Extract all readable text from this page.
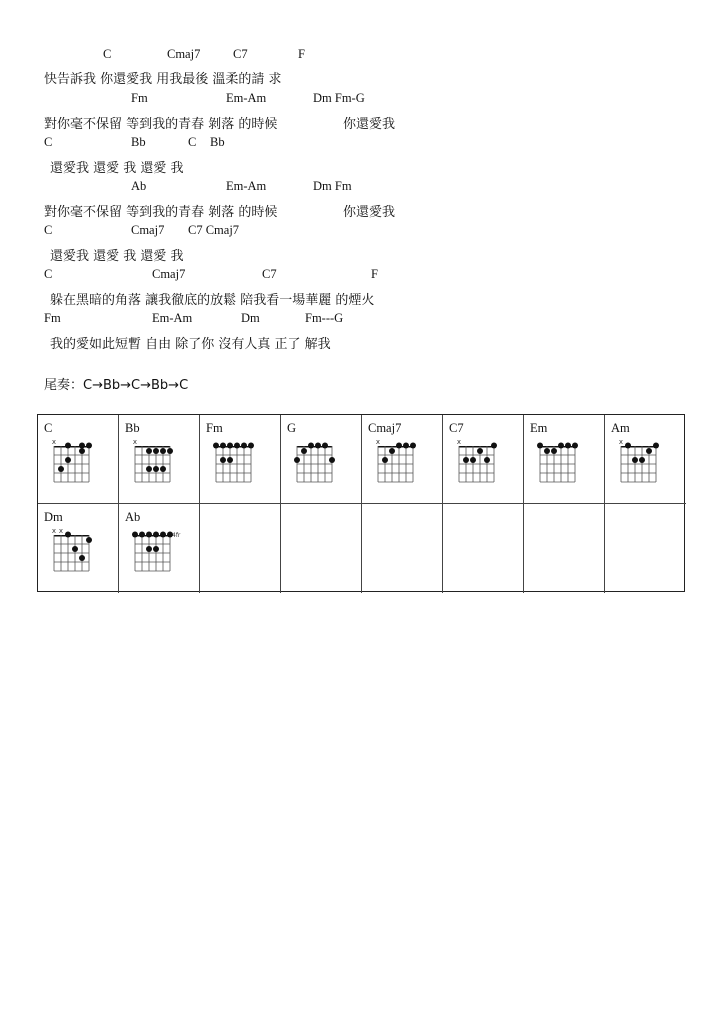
C	Cmaj7	C7	F
快告訴我 你還愛我 用我最後 溫柔的請 求
Fm	Em-Am	Dm Fm-G
對你毫不保留 等到我的青春 剝落 的時候	你還愛我
C	Bb	C Bb
還愛我 還愛 我 還愛 我
Ab	Em-Am	Dm Fm
對你毫不保留 等到我的青春 剝落 的時候	你還愛我
C	Cmaj7 C7 Cmaj7
還愛我 還愛 我 還愛 我
C	Cmaj7	C7	F
躲在黑暗的角落 讓我徹底的放鬆 陪我看一場華麗 的煙火
Fm	Em-Am	Dm	Fm---G
我的愛如此短暫 自由 除了你 沒有人真 正了 解我
尾奏：C→Bb→C→Bb→C
C
x
Bb
x
Fm	G	Cmaj7
x
C7
x
Em	Am
x
Dm
x x
Ab
4fr
